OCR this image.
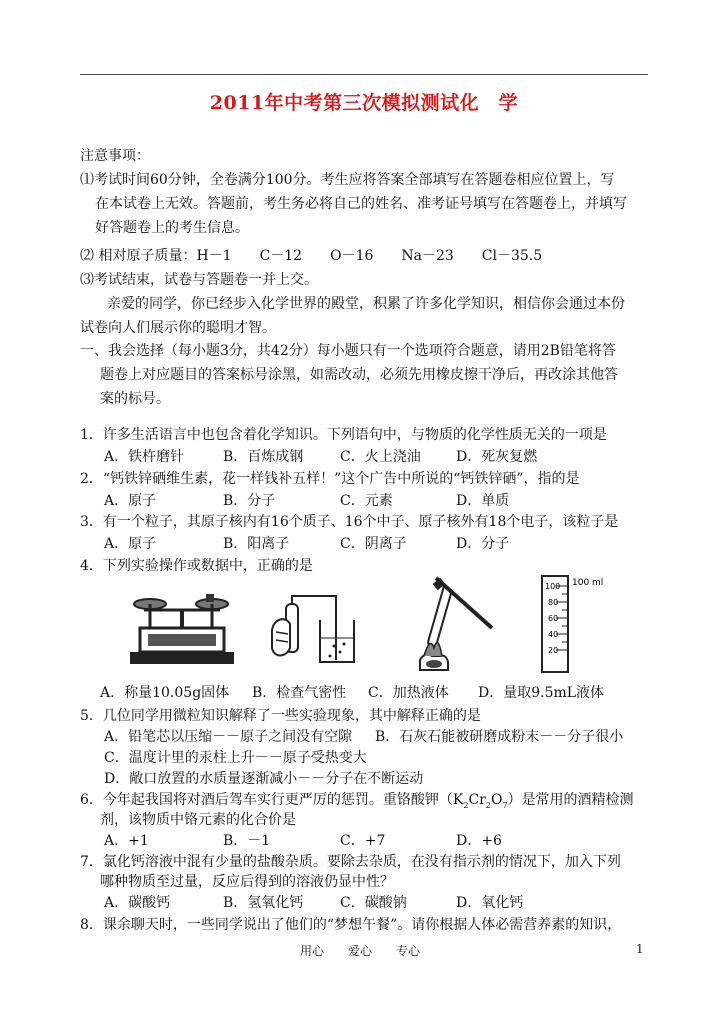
2011年中考第三次模拟测试化　学
注意事项：
⑴考试时间60分钟，全卷满分100分。考生应将答案全部填写在答题卷相应位置上，写
在本试卷上无效。答题前，考生务必将自己的姓名、准考证号填写在答题卷上，并填写
好答题卷上的考生信息。
⑵ 相对原子质量：H－1　　C－12　　O－16　　Na－23　　Cl－35.5
⑶考试结束，试卷与答题卷一并上交。
亲爱的同学，你已经步入化学世界的殿堂，积累了许多化学知识，相信你会通过本份
试卷向人们展示你的聪明才智。
一、我会选择（每小题3分，共42分）每小题只有一个选项符合题意，请用2B铅笔将答
题卷上对应题目的答案标号涂黑，如需改动，必须先用橡皮擦干净后，再改涂其他答
案的标号。
1．许多生活语言中也包含着化学知识。下列语句中，与物质的化学性质无关的一项是
A．铁杵磨针	B．百炼成钢	C．火上浇油	D．死灰复燃
2．“钙铁锌硒维生素，花一样钱补五样！”这个广告中所说的“钙铁锌硒”，指的是
A．原子	B．分子	C．元素	D．单质
3．有一个粒子，其原子核内有16个质子、16个中子、原子核外有18个电子，该粒子是
A．原子	B．阳离子	C．阴离子	D．分子
4．下列实验操作或数据中，正确的是
100
80
60
40
20
100 ml
A．称量10.05g固体 B．检查气密性 C．加热液体 D．量取9.5mL液体
5．几位同学用微粒知识解释了一些实验现象，其中解释正确的是
A．铅笔芯以压缩－－原子之间没有空隙 B．石灰石能被研磨成粉末－－分子很小
C．温度计里的汞柱上升－－原子受热变大
D．敞口放置的水质量逐渐减小－－分子在不断运动
6．今年起我国将对酒后驾车实行更严厉的惩罚。重铬酸钾$(K_2Cr_2O_7)$是常用的酒精检测
剂，该物质中铬元素的化合价是
A．+1	B．－1	C．+7	D．+6
7．氯化钙溶液中混有少量的盐酸杂质。要除去杂质，在没有指示剂的情况下，加入下列
哪种物质至过量，反应后得到的溶液仍显中性？
A．碳酸钙	B．氢氧化钙	C．碳酸钠	D．氧化钙
8．课余聊天时，一些同学说出了他们的“梦想午餐”。请你根据人体必需营养素的知识，
用心　　爱心　　专心	1
